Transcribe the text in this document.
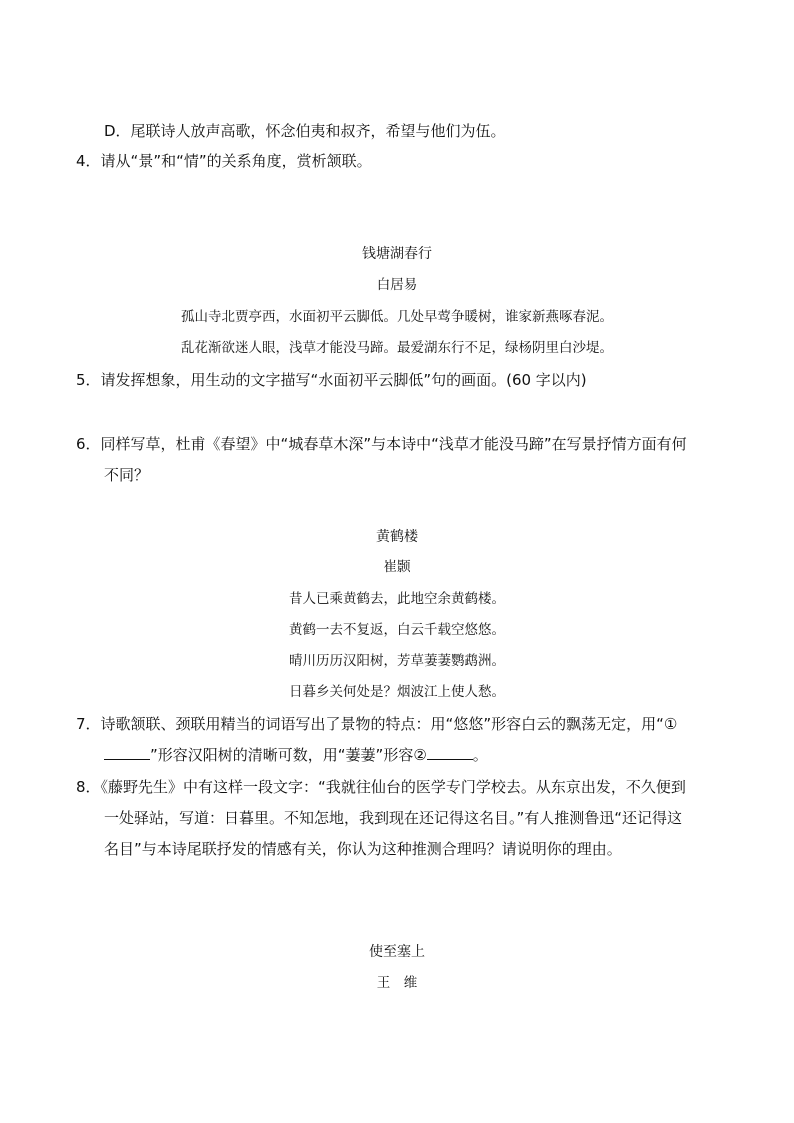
D．尾联诗人放声高歌，怀念伯夷和叔齐，希望与他们为伍。
4．请从“景”和“情”的关系角度，赏析颔联。
钱塘湖春行
白居易
孤山寺北贾亭西，水面初平云脚低。几处早莺争暖树，谁家新燕啄春泥。
乱花渐欲迷人眼，浅草才能没马蹄。最爱湖东行不足，绿杨阴里白沙堤。
5．请发挥想象，用生动的文字描写“水面初平云脚低”句的画面。(60 字以内)
6．同样写草，杜甫《春望》中“城春草木深”与本诗中“浅草才能没马蹄”在写景抒情方面有何
不同？
黄鹤楼
崔颢
昔人已乘黄鹤去，此地空余黄鹤楼。
黄鹤一去不复返，白云千载空悠悠。
晴川历历汉阳树，芳草萋萋鹦鹉洲。
日暮乡关何处是？烟波江上使人愁。
7．诗歌颔联、颈联用精当的词语写出了景物的特点：用“悠悠”形容白云的飘荡无定，用“①
”形容汉阳树的清晰可数，用“萋萋”形容②	。
8．《藤野先生》中有这样一段文字：“我就往仙台的医学专门学校去。从东京出发，不久便到
一处驿站，写道：日暮里。不知怎地，我到现在还记得这名目。”有人推测鲁迅“还记得这
名目”与本诗尾联抒发的情感有关，你认为这种推测合理吗？请说明你的理由。
使至塞上
王　维
